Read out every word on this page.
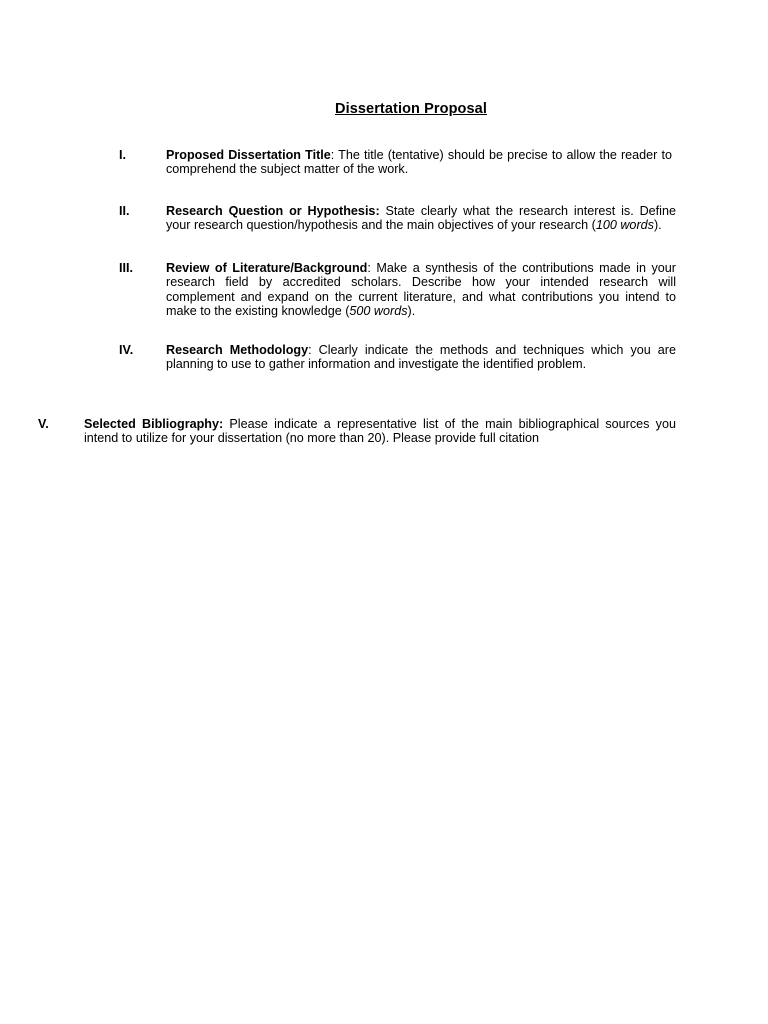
Dissertation Proposal
I.	Proposed Dissertation Title: The title (tentative) should be precise to allow the reader to comprehend the subject matter of the work.

II.	Research Question or Hypothesis: State clearly what the research interest is. Define your research question/hypothesis and the main objectives of your research (100 words).

III.	Review of Literature/Background: Make a synthesis of the contributions made in your research field by accredited scholars. Describe how your intended research will complement and expand on the current literature, and what contributions you intend to make to the existing knowledge (500 words).

IV.	Research Methodology: Clearly indicate the methods and techniques which you are planning to use to gather information and investigate the identified problem.

V.	Selected Bibliography: Please indicate a representative list of the main bibliographical sources you intend to utilize for your dissertation (no more than 20). Please provide full citation
